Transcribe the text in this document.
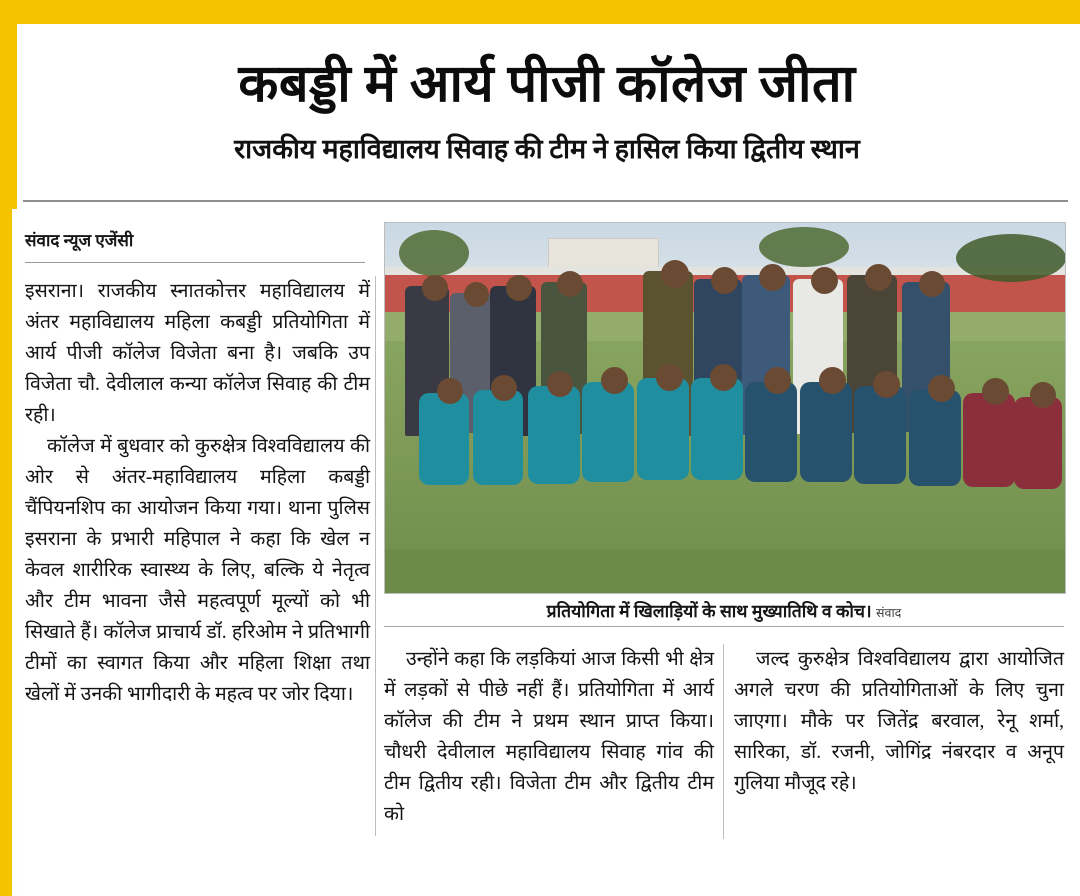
कबड्डी में आर्य पीजी कॉलेज जीता
राजकीय महाविद्यालय सिवाह की टीम ने हासिल किया द्वितीय स्थान
संवाद न्यूज एजेंसी
प्रतियोगिता में खिलाड़ियों के साथ मुख्यातिथि व कोच। संवाद

इसराना। राजकीय स्नातकोत्तर महाविद्यालय में अंतर महाविद्यालय महिला कबड्डी प्रतियोगिता में आर्य पीजी कॉलेज विजेता बना है। जबकि उप विजेता चौ. देवीलाल कन्या कॉलेज सिवाह की टीम रही।

कॉलेज में बुधवार को कुरुक्षेत्र विश्वविद्यालय की ओर से अंतर-महाविद्यालय महिला कबड्डी चैंपियनशिप का आयोजन किया गया। थाना पुलिस इसराना के प्रभारी महिपाल ने कहा कि खेल न केवल शारीरिक स्वास्थ्य के लिए, बल्कि ये नेतृत्व और टीम भावना जैसे महत्वपूर्ण मूल्यों को भी सिखाते हैं। कॉलेज प्राचार्य डॉ. हरिओम ने प्रतिभागी टीमों का स्वागत किया और महिला शिक्षा तथा खेलों में उनकी भागीदारी के महत्व पर जोर दिया।

उन्होंने कहा कि लड़कियां आज किसी भी क्षेत्र में लड़कों से पीछे नहीं हैं। प्रतियोगिता में आर्य कॉलेज की टीम ने प्रथम स्थान प्राप्त किया। चौधरी देवीलाल महाविद्यालय सिवाह गांव की टीम द्वितीय रही। विजेता टीम और द्वितीय टीम को

जल्द कुरुक्षेत्र विश्वविद्यालय द्वारा आयोजित अगले चरण की प्रतियोगिताओं के लिए चुना जाएगा। मौके पर जितेंद्र बरवाल, रेनू शर्मा, सारिका, डॉ. रजनी, जोगिंद्र नंबरदार व अनूप गुलिया मौजूद रहे।
